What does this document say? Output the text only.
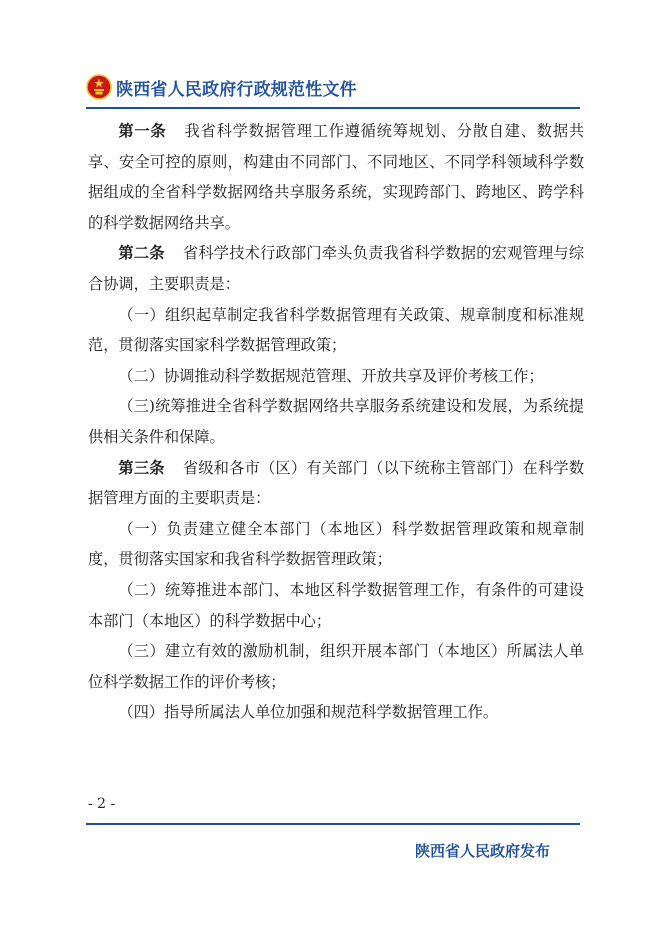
陕西省人民政府行政规范性文件

第一条 我省科学数据管理工作遵循统筹规划、分散自建、数据共享、安全可控的原则，构建由不同部门、不同地区、不同学科领域科学数据组成的全省科学数据网络共享服务系统，实现跨部门、跨地区、跨学科的科学数据网络共享。

第二条 省科学技术行政部门牵头负责我省科学数据的宏观管理与综合协调，主要职责是：

（一）组织起草制定我省科学数据管理有关政策、规章制度和标准规范，贯彻落实国家科学数据管理政策；

（二）协调推动科学数据规范管理、开放共享及评价考核工作；

（三)统筹推进全省科学数据网络共享服务系统建设和发展，为系统提供相关条件和保障。

第三条 省级和各市（区）有关部门（以下统称主管部门）在科学数据管理方面的主要职责是：

（一）负责建立健全本部门（本地区）科学数据管理政策和规章制度，贯彻落实国家和我省科学数据管理政策；

（二）统筹推进本部门、本地区科学数据管理工作，有条件的可建设本部门（本地区）的科学数据中心；

（三）建立有效的激励机制，组织开展本部门（本地区）所属法人单位科学数据工作的评价考核；

（四）指导所属法人单位加强和规范科学数据管理工作。

- 2 -
陕西省人民政府发布
